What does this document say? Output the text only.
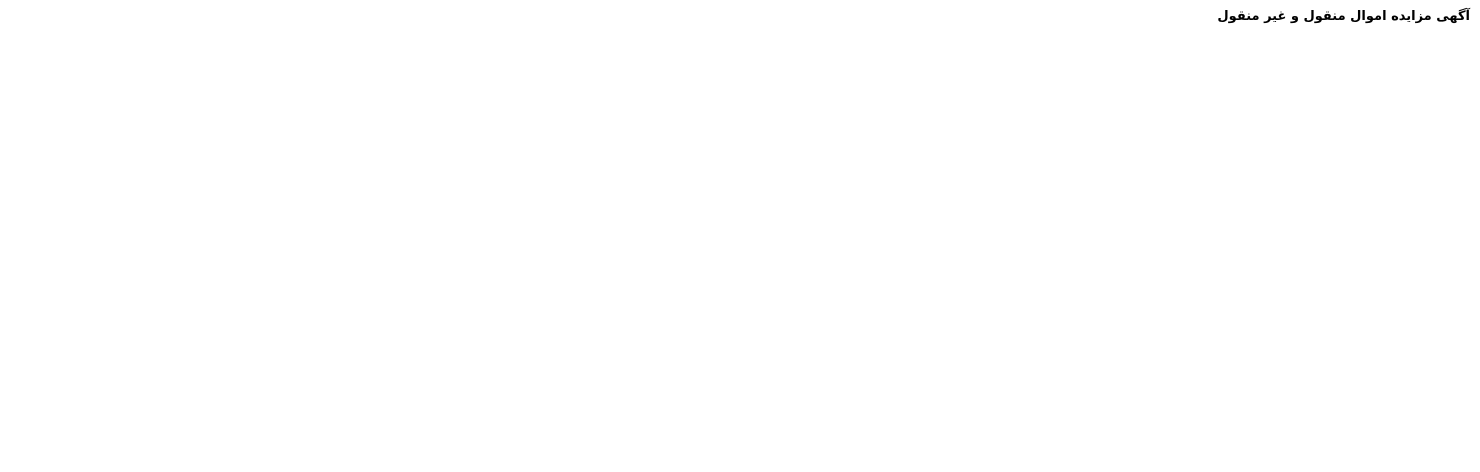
آگهی مزایده اموال منقول و غیر منقول
